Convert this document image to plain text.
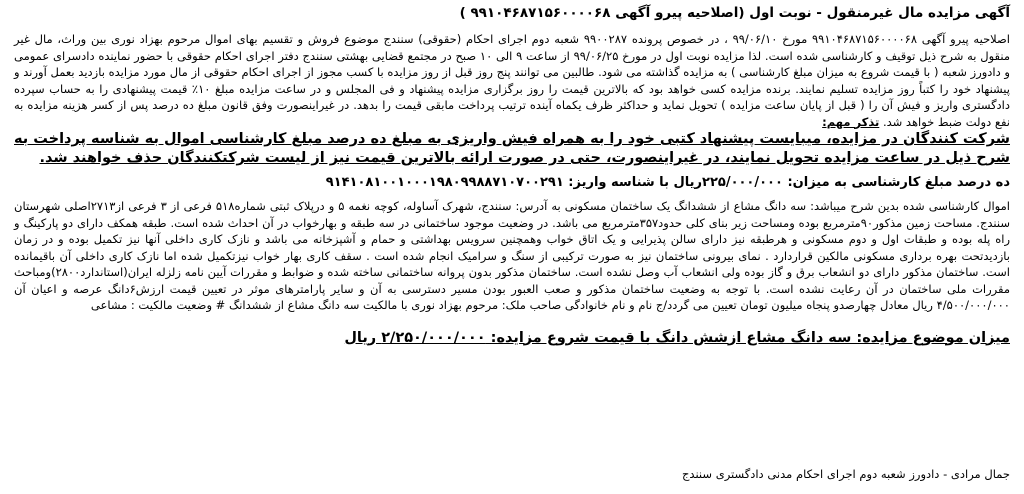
آگهی مزایده مال غیرمنقول - نوبت اول (اصلاحیه پیرو آگهی ۹۹۱۰۴۶۸۷۱۵۶۰۰۰۰۶۸ )

اصلاحیه پیرو آگهی ۹۹۱۰۴۶۸۷۱۵۶۰۰۰۰۶۸ مورخ ۹۹/۰۶/۱۰ ، در خصوص پرونده ۹۹۰۰۲۸۷ شعبه دوم اجرای احکام (حقوقی) سنندج موضوع فروش و تقسیم بهای اموال مرحوم بهزاد نوری بین وراث، مال غیر منقول به شرح ذیل توقیف و کارشناسی شده است. لذا مزایده نوبت اول در مورخ ۹۹/۰۶/۲۵ از ساعت ۹ الی ۱۰ صبح در مجتمع قضایی بهشتی سنندج دفتر اجرای احکام حقوقی با حضور نماینده دادسرای عمومی و دادورز شعبه ( با قیمت شروع به میزان مبلغ کارشناسی ) به مزایده گذاشته می شود. طالبین می توانند پنج روز قبل از روز مزایده با کسب مجوز از اجرای احکام حقوقی از مال مورد مزایده بازدید بعمل آورند و پیشنهاد خود را کتباً روز مزایده تسلیم نمایند. برنده مزایده کسی خواهد بود که بالاترین قیمت را روز برگزاری مزایده پیشنهاد و فی المجلس و در ساعت مزایده مبلغ ۱۰٪ قیمت پیشنهادی را به حساب سپرده دادگستری واریز و فیش آن را ( قبل از پایان ساعت مزایده ) تحویل نماید و حداکثر ظرف یکماه آینده ترتیب پرداخت مابقی قیمت را بدهد. در غیراینصورت وفق قانون مبلغ ده درصد پس از کسر هزینه مزایده به نفع دولت ضبط خواهد شد. تذکر مهم:

شرکت کنندگان در مزایده، میبایست پیشنهاد کتبی خود را به همراه فیش واریزی به مبلغ ده درصد مبلغ کارشناسی اموال به شناسه پرداخت به شرح ذیل در ساعت مزایده تحویل نمایند، در غیراینصورت، حتی در صورت ارائه بالاترین قیمت نیز از لیست شرکتکنندگان حذف خواهند شد.

ده درصد مبلغ کارشناسی به میزان: ۲۲۵/۰۰۰/۰۰۰ریال با شناسه واریز: ۹۱۴۱۰۸۱۰۰۱۰۰۰۱۹۸۰۹۹۸۸۷۱۰۷۰۰۲۹۱

اموال کارشناسی شده بدین شرح میباشد: سه دانگ مشاع از ششدانگ یک ساختمان مسکونی به آدرس: سنندج، شهرک آساوله، کوچه نغمه ۵ و درپلاک ثبتی شماره۵۱۸ فرعی از ۳ فرعی از۲۷۱۳اصلی شهرستان سنندج. مساحت زمین مذکور۹۰مترمربع بوده ومساحت زیر بنای کلی حدود۳۵۷مترمربع می باشد. در وضعیت موجود ساختمانی در سه طبقه و بهارخواب در آن احداث شده است. طبقه همکف دارای دو پارکینگ و راه پله بوده و طبقات اول و دوم مسکونی و هرطبقه نیز دارای سالن پذیرایی و یک اتاق خواب وهمچنین سرویس بهداشتی و حمام و آشپزخانه می باشد و نازک کاری داخلی آنها نیز تکمیل بوده و در زمان بازدیدتحت بهره برداری مسکونی مالکین قراردارد . نمای بیرونی ساختمان نیز به صورت ترکیبی از سنگ و سرامیک انجام شده است . سقف کاری بهار خواب نیزتکمیل شده اما نازک کاری داخلی آن باقیمانده است. ساختمان مذکور دارای دو انشعاب برق و گاز بوده ولی انشعاب آب وصل نشده است. ساختمان مذکور بدون پروانه ساختمانی ساخته شده و ضوابط و مقررات آیین نامه زلزله ایران(استاندارد۲۸۰۰)ومباحث مقررات ملی ساختمان در آن رعایت نشده است. با توجه به وضعیت ساختمان مذکور و صعب العبور بودن مسیر دسترسی به آن و سایر پارامترهای موثر در تعیین قیمت ارزش۶دانگ عرصه و اعیان آن ۴/۵۰۰/۰۰۰/۰۰۰ ریال معادل چهارصدو پنجاه میلیون تومان تعیین می گردد/ج نام و نام خانوادگی صاحب ملک: مرحوم بهزاد نوری با مالکیت سه دانگ مشاع از ششدانگ # وضعیت مالکیت : مشاعی

میزان موضوع مزایده: سه دانگ مشاع ازشش دانگ با قیمت شروع مزایده: ۲/۲۵۰/۰۰۰/۰۰۰ ریال

جمال مرادی - دادورز شعبه دوم اجرای احکام مدنی دادگستری سنندج
